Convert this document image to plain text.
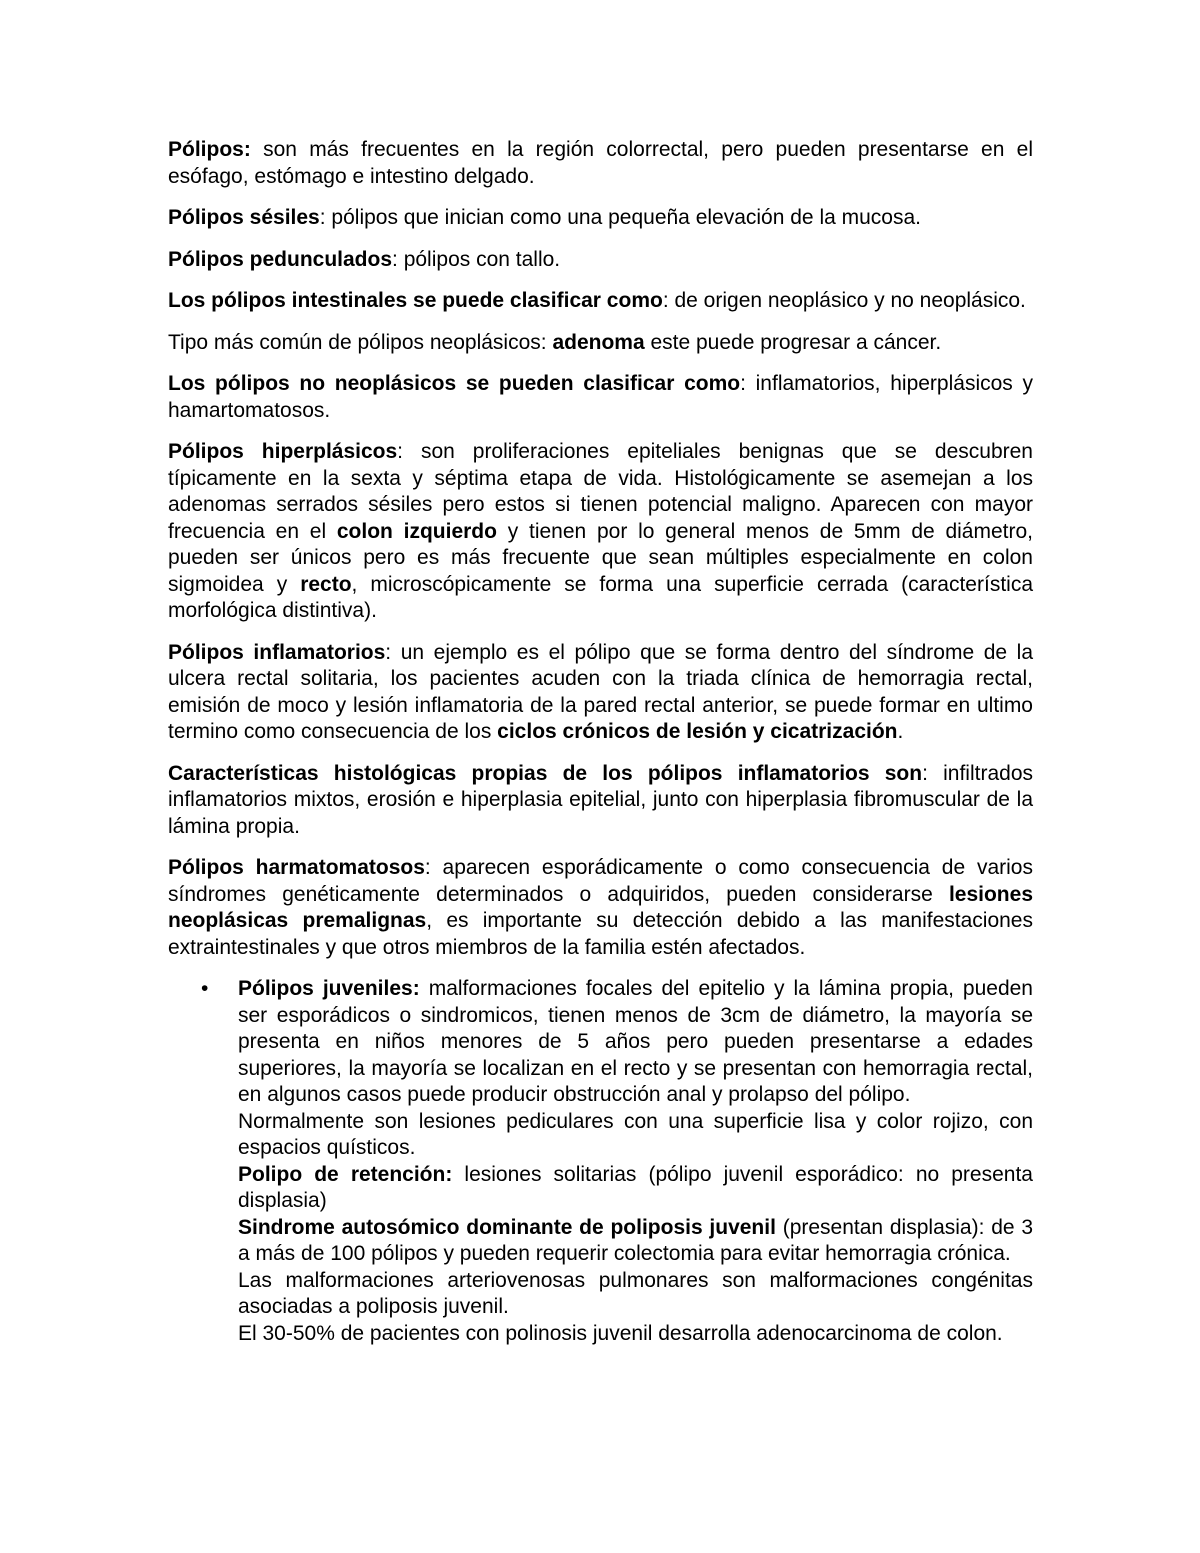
Pólipos: son más frecuentes en la región colorrectal, pero pueden presentarse en el esófago, estómago e intestino delgado.

Pólipos sésiles: pólipos que inician como una pequeña elevación de la mucosa.

Pólipos pedunculados: pólipos con tallo.

Los pólipos intestinales se puede clasificar como: de origen neoplásico y no neoplásico.

Tipo más común de pólipos neoplásicos: adenoma este puede progresar a cáncer.

Los pólipos no neoplásicos se pueden clasificar como: inflamatorios, hiperplásicos y hamartomatosos.

Pólipos hiperplásicos: son proliferaciones epiteliales benignas que se descubren típicamente en la sexta y séptima etapa de vida. Histológicamente se asemejan a los adenomas serrados sésiles pero estos si tienen potencial maligno. Aparecen con mayor frecuencia en el colon izquierdo y tienen por lo general menos de 5mm de diámetro, pueden ser únicos pero es más frecuente que sean múltiples especialmente en colon sigmoidea y recto, microscópicamente se forma una superficie cerrada (característica morfológica distintiva).

Pólipos inflamatorios: un ejemplo es el pólipo que se forma dentro del síndrome de la ulcera rectal solitaria, los pacientes acuden con la triada clínica de hemorragia rectal, emisión de moco y lesión inflamatoria de la pared rectal anterior, se puede formar en ultimo termino como consecuencia de los ciclos crónicos de lesión y cicatrización.

Características histológicas propias de los pólipos inflamatorios son: infiltrados inflamatorios mixtos, erosión e hiperplasia epitelial, junto con hiperplasia fibromuscular de la lámina propia.

Pólipos harmatomatosos: aparecen esporádicamente o como consecuencia de varios síndromes genéticamente determinados o adquiridos, pueden considerarse lesiones neoplásicas premalignas, es importante su detección debido a las manifestaciones extraintestinales y que otros miembros de la familia estén afectados.

• Pólipos juveniles: malformaciones focales del epitelio y la lámina propia, pueden ser esporádicos o sindromicos, tienen menos de 3cm de diámetro, la mayoría se presenta en niños menores de 5 años pero pueden presentarse a edades superiores, la mayoría se localizan en el recto y se presentan con hemorragia rectal, en algunos casos puede producir obstrucción anal y prolapso del pólipo.

Normalmente son lesiones pediculares con una superficie lisa y color rojizo, con espacios quísticos.

Polipo de retención: lesiones solitarias (pólipo juvenil esporádico: no presenta displasia)

Sindrome autosómico dominante de poliposis juvenil (presentan displasia): de 3 a más de 100 pólipos y pueden requerir colectomia para evitar hemorragia crónica.

Las malformaciones arteriovenosas pulmonares son malformaciones congénitas asociadas a poliposis juvenil.

El 30-50% de pacientes con polinosis juvenil desarrolla adenocarcinoma de colon.
